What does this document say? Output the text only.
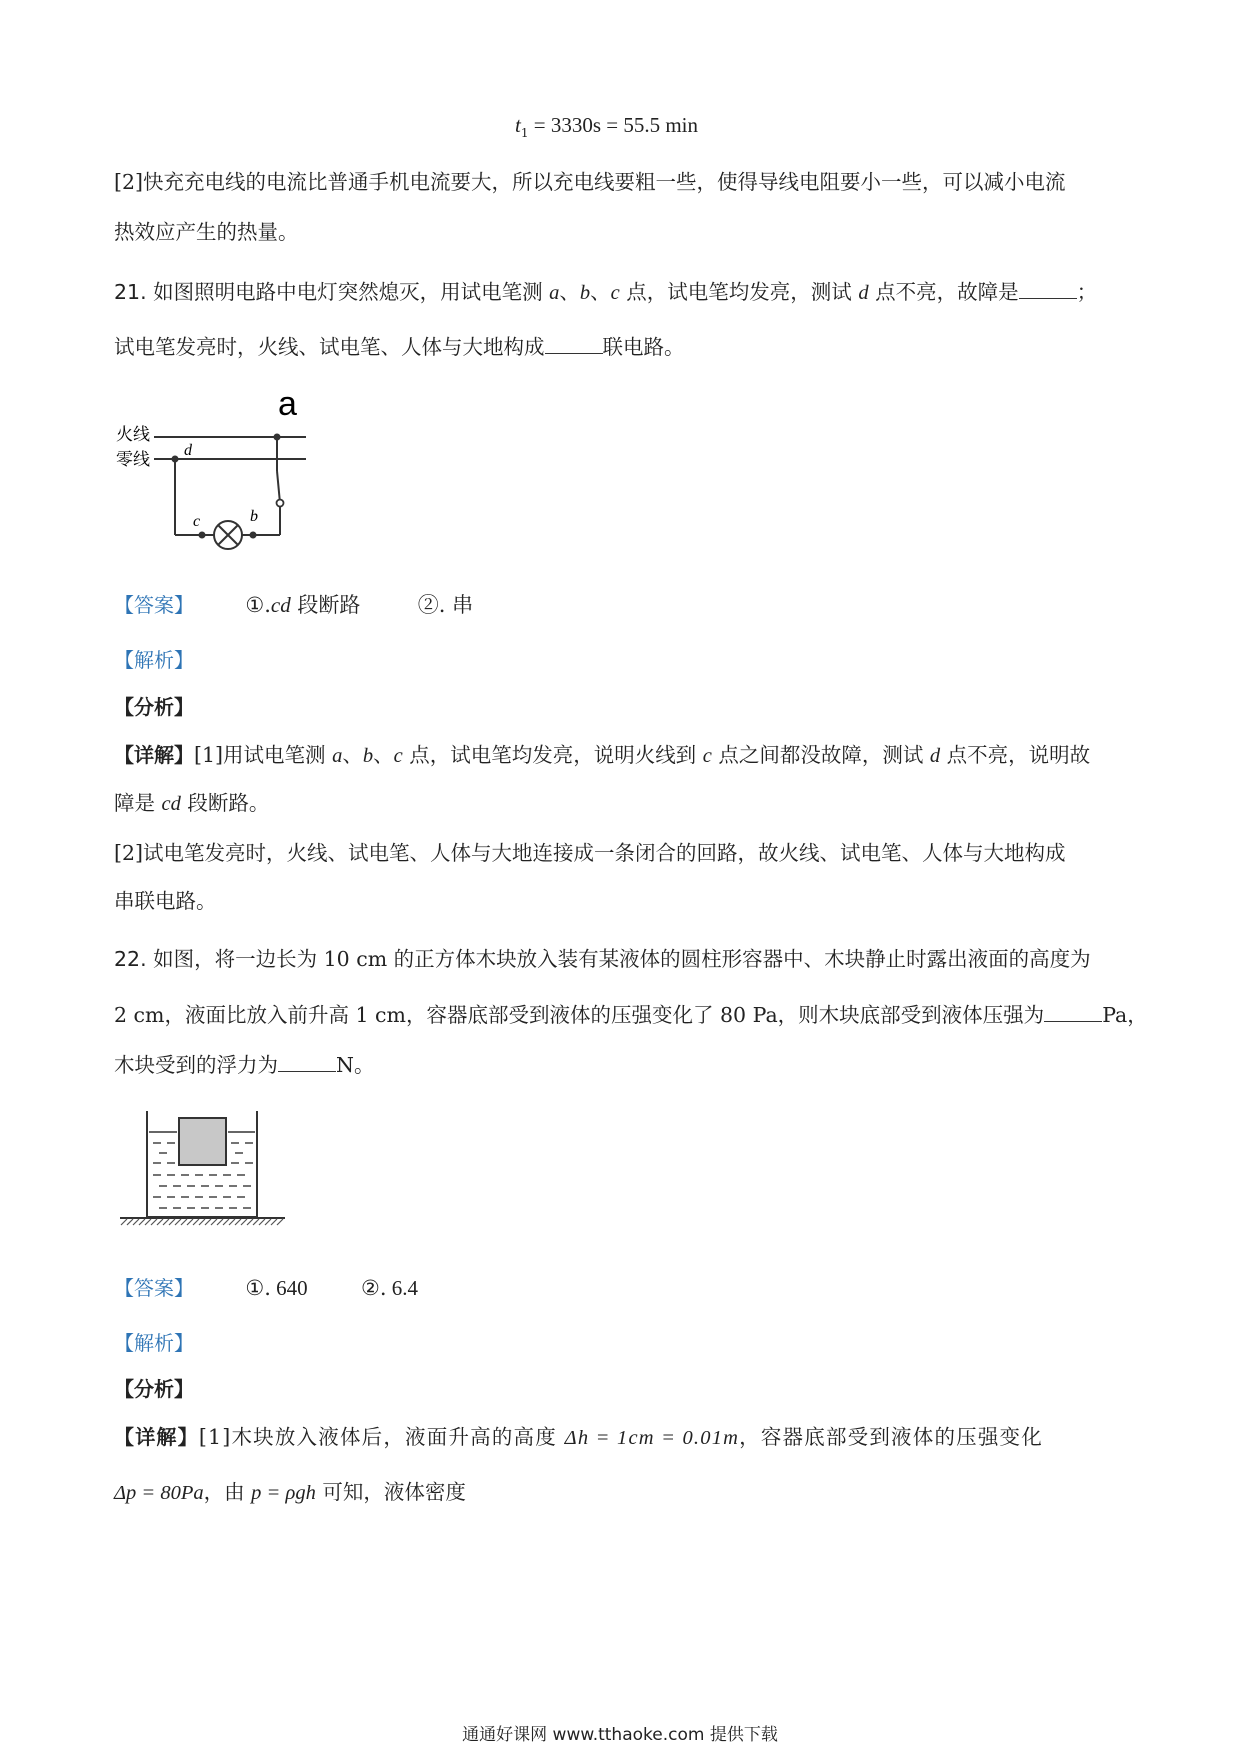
$t_1 = 3330s = 55.5$ min
[2]快充充电线的电流比普通手机电流要大，所以充电线要粗一些，使得导线电阻要小一些，可以减小电流
热效应产生的热量。
21. 如图照明电路中电灯突然熄灭，用试电笔测 a、b、c 点，试电笔均发亮，测试 d 点不亮，故障是	；
试电笔发亮时，火线、试电笔、人体与大地构成	联电路。
a
火线
零线 d
c	b
【答案】 ①.cd 段断路	②. 串
【解析】
【分析】
【详解】[1]用试电笔测 a、b、c 点，试电笔均发亮，说明火线到 c 点之间都没故障，测试 d 点不亮，说明故
障是 cd 段断路。
[2]试电笔发亮时，火线、试电笔、人体与大地连接成一条闭合的回路，故火线、试电笔、人体与大地构成
串联电路。
22. 如图，将一边长为 10 cm 的正方体木块放入装有某液体的圆柱形容器中、木块静止时露出液面的高度为
2 cm，液面比放入前升高 1 cm，容器底部受到液体的压强变化了 80 Pa，则木块底部受到液体压强为	Pa，
木块受到的浮力为	N。
【答案】 ①. 640	②. 6.4
【解析】
【分析】
【详解】[1]木块放入液体后，液面升高的高度 Δh = 1cm = 0.01m，容器底部受到液体的压强变化
Δp = 80Pa，由 p = ρgh 可知，液体密度
通通好课网 www.tthaoke.com 提供下载
